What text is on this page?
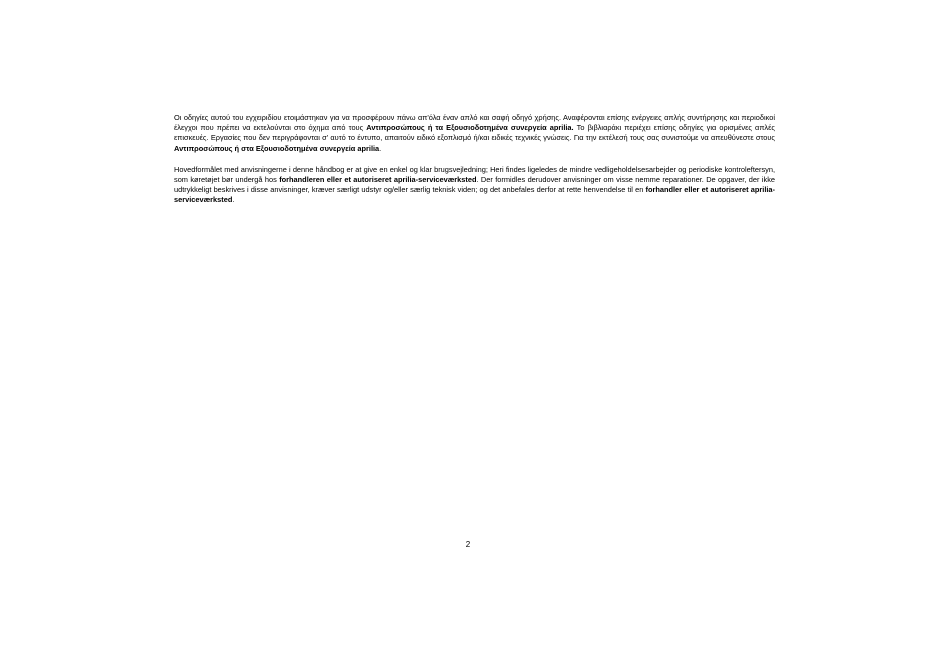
Οι οδηγίες αυτού του εγχειριδίου ετοιμάστηκαν για να προσφέρουν πάνω απ'όλα έναν απλό και σαφή οδηγό χρήσης. Αναφέρονται επίσης ενέργειες απλής συντήρησης και περιοδικοί έλεγχοι που πρέπει να εκτελούνται στο όχημα από τους Αντιπροσώπους ή τα Εξουσιοδοτημένα συνεργεία aprilia. Το βιβλιαράκι περιέχει επίσης οδηγίες για ορισμένες απλές επισκευές. Εργασίες που δεν περιγράφονται σ' αυτό το έντυπο, απαιτούν ειδικό εξοπλισμό ή/και ειδικές τεχνικές γνώσεις. Για την εκτέλεσή τους σας συνιστούμε να απευθύνεστε στους Αντιπροσώπους ή στα Εξουσιοδοτημένα συνεργεία aprilia.

Hovedformålet med anvisningerne i denne håndbog er at give en enkel og klar brugsvejledning; Heri findes ligeledes de mindre vedligeholdelsesarbejder og periodiske kontroleftersyn, som køretøjet bør undergå hos forhandleren eller et autoriseret aprilia-serviceværksted. Der formidles derudover anvisninger om visse nemme reparationer. De opgaver, der ikke udtrykkeligt beskrives i disse anvisninger, kræver særligt udstyr og/eller særlig teknisk viden; og det anbefales derfor at rette henvendelse til en forhandler eller et autoriseret aprilia-serviceværksted.

2
